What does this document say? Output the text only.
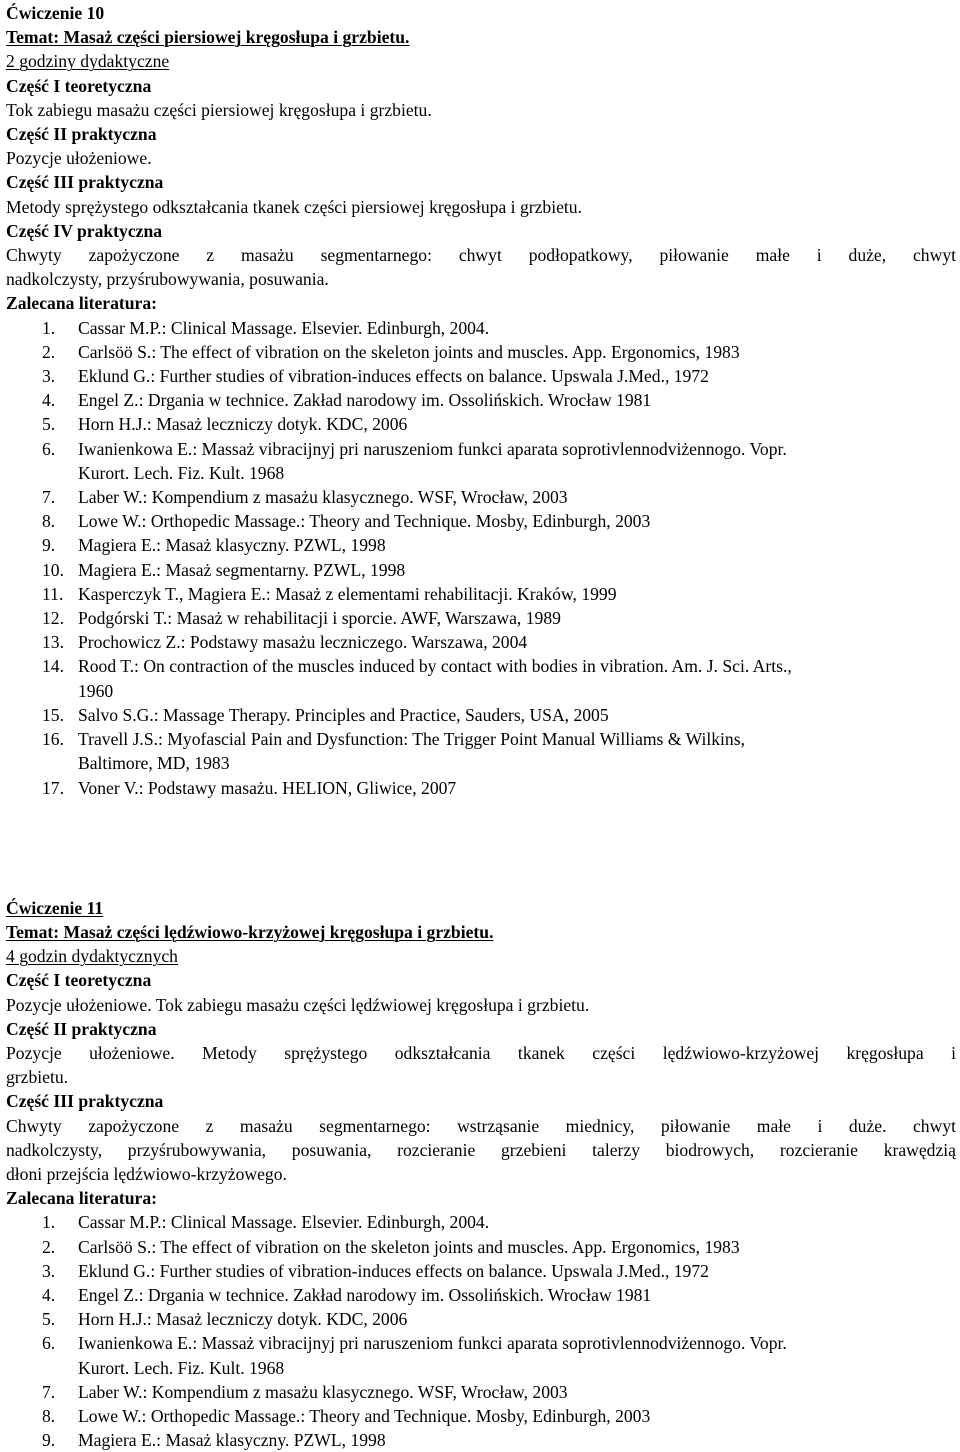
Ćwiczenie 10

Temat: Masaż części piersiowej kręgosłupa i grzbietu.

2 godziny dydaktyczne

Część I teoretyczna

Tok zabiegu masażu części piersiowej kręgosłupa i grzbietu.

Część II praktyczna

Pozycje ułożeniowe.

Część III praktyczna

Metody sprężystego odkształcania tkanek części piersiowej kręgosłupa i grzbietu.

Część IV praktyczna

Chwyty zapożyczone z masażu segmentarnego: chwyt podłopatkowy, piłowanie małe i duże, chwyt

nadkolczysty, przyśrubowywania, posuwania.

Zalecana literatura:

1. Cassar M.P.: Clinical Massage. Elsevier. Edinburgh, 2004.
2. Carlsöö S.: The effect of vibration on the skeleton joints and muscles. App. Ergonomics, 1983
3. Eklund G.: Further studies of vibration-induces effects on balance. Upswala J.Med., 1972
4. Engel Z.: Drgania w technice. Zakład narodowy im. Ossolińskich. Wrocław 1981
5. Horn H.J.: Masaż leczniczy dotyk. KDC, 2006
6. Iwanienkowa E.: Massaż vibracijnyj pri naruszeniom funkci aparata soprotivlennodviżennogo. Vopr.
Kurort. Lech. Fiz. Kult. 1968
7. Laber W.: Kompendium z masażu klasycznego. WSF, Wrocław, 2003
8. Lowe W.: Orthopedic Massage.: Theory and Technique. Mosby, Edinburgh, 2003
9. Magiera E.: Masaż klasyczny. PZWL, 1998
10. Magiera E.: Masaż segmentarny. PZWL, 1998
11. Kasperczyk T., Magiera E.: Masaż z elementami rehabilitacji. Kraków, 1999
12. Podgórski T.: Masaż w rehabilitacji i sporcie. AWF, Warszawa, 1989
13. Prochowicz Z.: Podstawy masażu leczniczego. Warszawa, 2004
14. Rood T.: On contraction of the muscles induced by contact with bodies in vibration. Am. J. Sci. Arts.,
1960
15. Salvo S.G.: Massage Therapy. Principles and Practice, Sauders, USA, 2005
16. Travell J.S.: Myofascial Pain and Dysfunction: The Trigger Point Manual Williams & Wilkins,
Baltimore, MD, 1983
17. Voner V.: Podstawy masażu. HELION, Gliwice, 2007

Ćwiczenie 11

Temat: Masaż części lędźwiowo-krzyżowej kręgosłupa i grzbietu.

4 godzin dydaktycznych

Część I teoretyczna

Pozycje ułożeniowe. Tok zabiegu masażu części lędźwiowej kręgosłupa i grzbietu.

Część II praktyczna

Pozycje ułożeniowe. Metody sprężystego odkształcania tkanek części lędźwiowo-krzyżowej kręgosłupa i

grzbietu.

Część III praktyczna

Chwyty zapożyczone z masażu segmentarnego: wstrząsanie miednicy, piłowanie małe i duże. chwyt

nadkolczysty, przyśrubowywania, posuwania, rozcieranie grzebieni talerzy biodrowych, rozcieranie krawędzią

dłoni przejścia lędźwiowo-krzyżowego.

Zalecana literatura:

1. Cassar M.P.: Clinical Massage. Elsevier. Edinburgh, 2004.
2. Carlsöö S.: The effect of vibration on the skeleton joints and muscles. App. Ergonomics, 1983
3. Eklund G.: Further studies of vibration-induces effects on balance. Upswala J.Med., 1972
4. Engel Z.: Drgania w technice. Zakład narodowy im. Ossolińskich. Wrocław 1981
5. Horn H.J.: Masaż leczniczy dotyk. KDC, 2006
6. Iwanienkowa E.: Massaż vibracijnyj pri naruszeniom funkci aparata soprotivlennodviżennogo. Vopr.
Kurort. Lech. Fiz. Kult. 1968
7. Laber W.: Kompendium z masażu klasycznego. WSF, Wrocław, 2003
8. Lowe W.: Orthopedic Massage.: Theory and Technique. Mosby, Edinburgh, 2003
9. Magiera E.: Masaż klasyczny. PZWL, 1998
